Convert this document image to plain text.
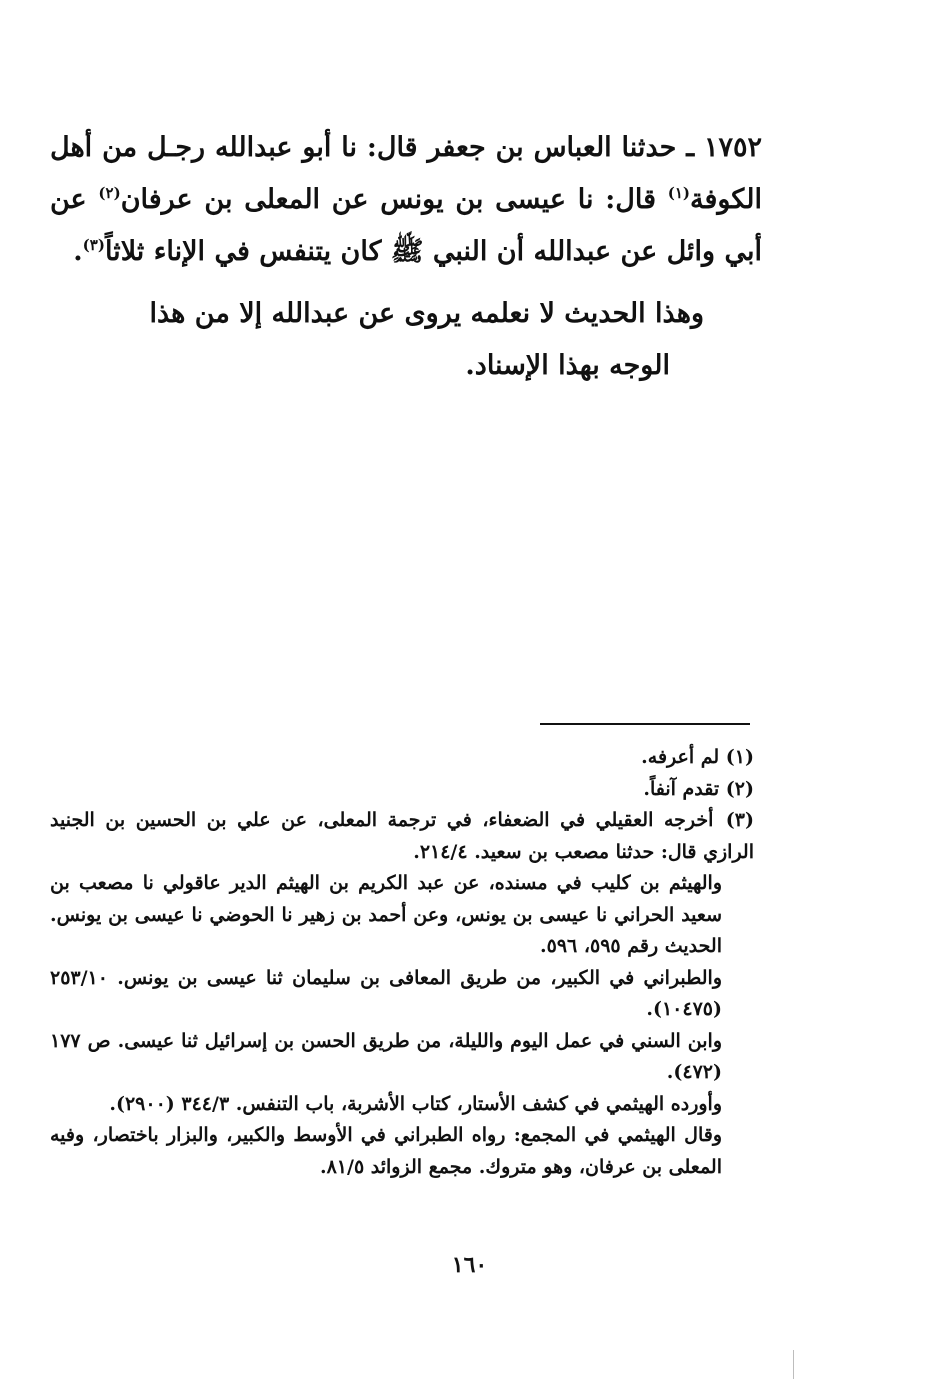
١٧٥٢ ـ حدثنا العباس بن جعفر قال: نا أبو عبدالله رجـل من أهل الكوفة$^{(١)}$ قال: نا عيسى بن يونس عن المعلى بن عرفان$^{(٢)}$ عن أبي وائل عن عبدالله أن النبي ﷺ كان يتنفس في الإناء ثلاثاً$^{(٣)}$.

وهذا الحديث لا نعلمه يروى عن عبدالله إلا من هذا
الوجه بهذا الإسناد.

(١) لم أعرفه.

(٢) تقدم آنفاً.

(٣) أخرجه العقيلي في الضعفاء، في ترجمة المعلى، عن علي بن الحسين بن الجنيد الرازي قال: حدثنا مصعب بن سعيد. ٢١٤/٤.

والهيثم بن كليب في مسنده، عن عبد الكريم بن الهيثم الدير عاقولي نا مصعب بن سعيد الحراني نا عيسى بن يونس، وعن أحمد بن زهير نا الحوضي نا عيسى بن يونس. الحديث رقم ٥٩٥، ٥٩٦.

والطبراني في الكبير، من طريق المعافى بن سليمان ثنا عيسى بن يونس. ٢٥٣/١٠ (١٠٤٧٥).

وابن السني في عمل اليوم والليلة، من طريق الحسن بن إسرائيل ثنا عيسى. ص ١٧٧ (٤٧٢).

وأورده الهيثمي في كشف الأستار، كتاب الأشربة، باب التنفس. ٣٤٤/٣ (٢٩٠٠).

وقال الهيثمي في المجمع: رواه الطبراني في الأوسط والكبير، والبزار باختصار، وفيه المعلى بن عرفان، وهو متروك. مجمع الزوائد ٨١/٥.

١٦٠
